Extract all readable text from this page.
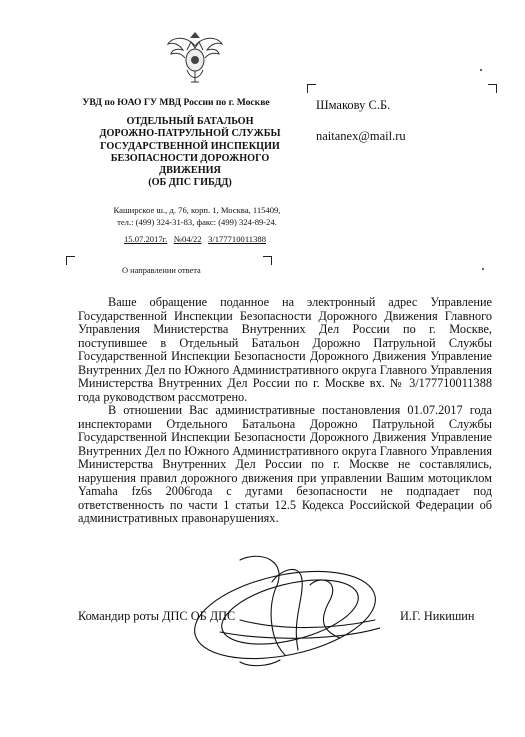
УВД по ЮАО ГУ МВД России по г. Москве
ОТДЕЛЬНЫЙ БАТАЛЬОН
ДОРОЖНО-ПАТРУЛЬНОЙ СЛУЖБЫ
ГОСУДАРСТВЕННОЙ ИНСПЕКЦИИ
БЕЗОПАСНОСТИ ДОРОЖНОГО
ДВИЖЕНИЯ
(ОБ ДПС ГИБДД)
Каширское ш., д. 76, корп. 1, Москва, 115409,
тел.: (499) 324-31-83, факс: (499) 324-89-24.
15.07.2017г. №04/22 3/177710011388
О направлении ответа
Шмакову С.Б.
naitanex@mail.ru

Ваше обращение поданное на электронный адрес Управление Государственной Инспекции Безопасности Дорожного Движения Главного Управления Министерства Внутренних Дел России по г. Москве, поступившее в Отдельный Батальон Дорожно Патрульной Службы Государственной Инспекции Безопасности Дорожного Движения Управление Внутренних Дел по Южного Административного округа Главного Управления Министерства Внутренних Дел России по г. Москве вх. № 3/177710011388 года руководством рассмотрено.

В отношении Вас административные постановления 01.07.2017 года инспекторами Отдельного Батальона Дорожно Патрульной Службы Государственной Инспекции Безопасности Дорожного Движения Управление Внутренних Дел по Южного Административного округа Главного Управления Министерства Внутренних Дел России по г. Москве не составлялись, нарушения правил дорожного движения при управлении Вашим мотоциклом Yamaha fz6s 2006года с дугами безопасности не подпадает под ответственность по части 1 статьи 12.5 Кодекса Российской Федерации об административных правонарушениях.

Командир роты ДПС ОБ ДПС	И.Г. Никишин
